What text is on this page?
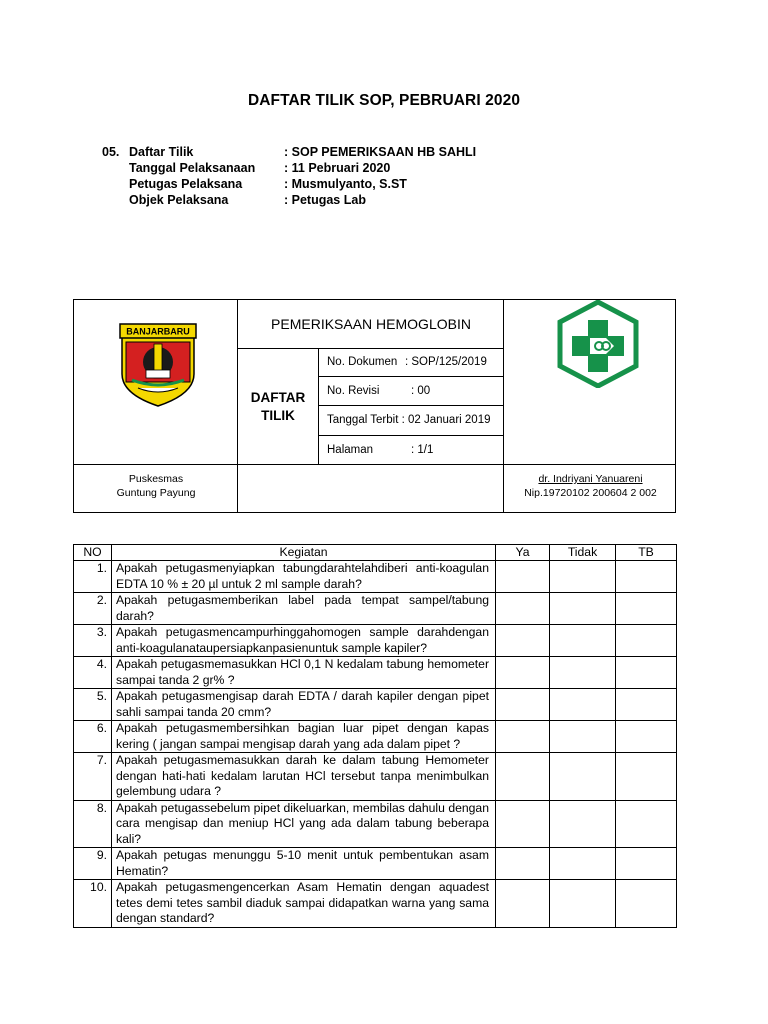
DAFTAR TILIK SOP, PEBRUARI 2020
05. Daftar Tilik	: SOP PEMERIKSAAN HB SAHLI
Tanggal Pelaksanaan : 11 Pebruari 2020
Petugas Pelaksana	: Musmulyanto, S.ST
Objek Pelaksana	: Petugas Lab
BANJARBARU	PEMERIKSAAN HEMOGLOBIN
DAFTAR
TILIK
No. Dokumen : SOP/125/2019
No. Revisi	: 00
Tanggal Terbit : 02 Januari 2019
Halaman	: 1/1
Puskesmas
Guntung Payung
dr. Indriyani Yanuareni
Nip.19720102 200604 2 002
NO	Kegiatan	Ya	Tidak	TB
1.	Apakah petugasmenyiapkan tabungdarahtelahdiberi anti-koagulan EDTA 10 % ± 20 µl untuk 2 ml sample darah?			
2.	Apakah petugasmemberikan label pada tempat sampel/tabung darah?			
3.	Apakah petugasmencampurhinggahomogen sample darahdengan anti-koagulanataupersiapkanpasienuntuk sample kapiler?			
4.	Apakah petugasmemasukkan HCl 0,1 N kedalam tabung hemometer sampai tanda 2 gr% ?			
5.	Apakah petugasmengisap darah EDTA / darah kapiler dengan pipet sahli sampai tanda 20 cmm?			
6.	Apakah petugasmembersihkan bagian luar pipet dengan kapas kering ( jangan sampai mengisap darah yang ada dalam pipet ?			
7.	Apakah petugasmemasukkan darah ke dalam tabung Hemometer dengan hati-hati kedalam larutan HCl tersebut tanpa menimbulkan gelembung udara ?			
8.	Apakah petugassebelum pipet dikeluarkan, membilas dahulu dengan cara mengisap dan meniup HCl yang ada dalam tabung beberapa kali?			
9.	Apakah petugas menunggu 5-10 menit untuk pembentukan asam Hematin?			
10.	Apakah petugasmengencerkan Asam Hematin dengan aquadest tetes demi tetes sambil diaduk sampai didapatkan warna yang sama dengan standard?			
